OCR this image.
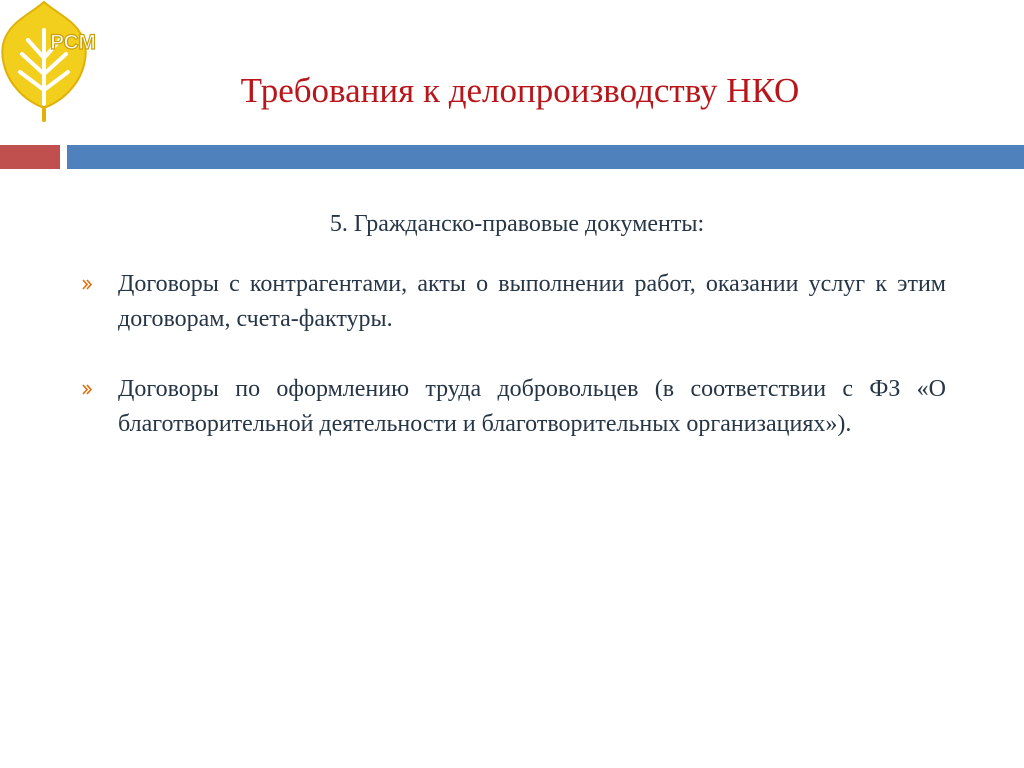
РСМ
Требования к делопроизводству НКО

5. Гражданско-правовые документы:

Договоры с контрагентами, акты о выполнении работ, оказании услуг к этим договорам, счета-фактуры.

Договоры по оформлению труда добровольцев (в соответствии с ФЗ «О благотворительной деятельности и благотворительных организациях»).
